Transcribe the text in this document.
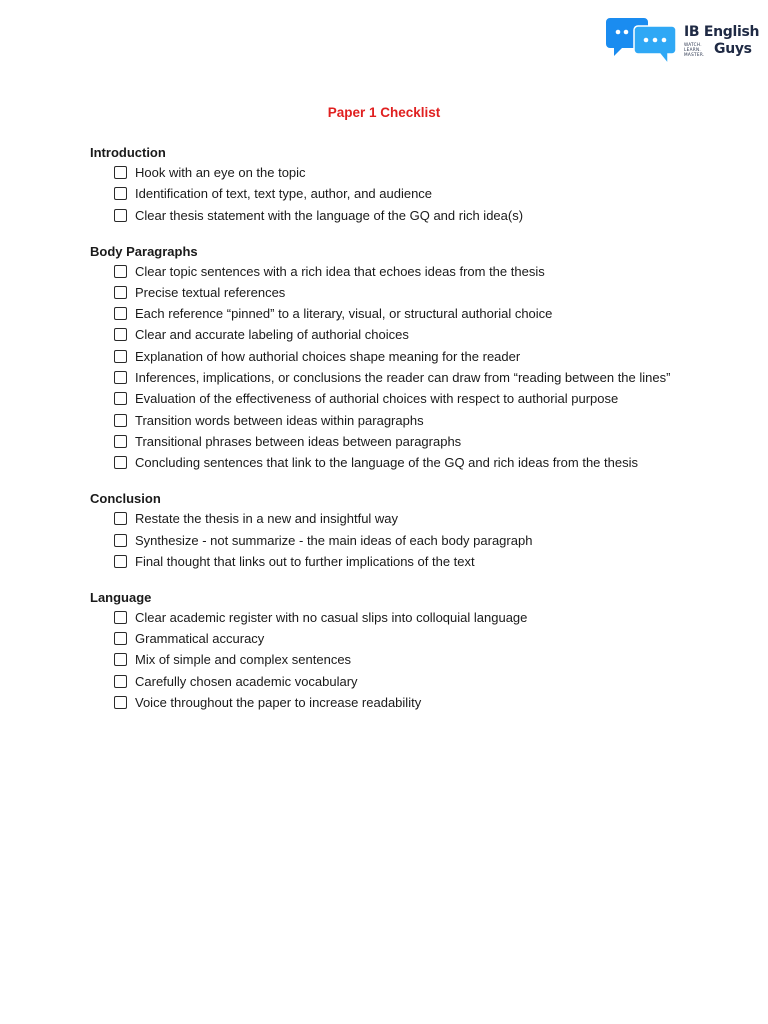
IB English
WATCH. LEARN. MASTER. Guys
Paper 1 Checklist
Introduction
Hook with an eye on the topic
Identification of text, text type, author, and audience
Clear thesis statement with the language of the GQ and rich idea(s)
Body Paragraphs
Clear topic sentences with a rich idea that echoes ideas from the thesis
Precise textual references
Each reference “pinned” to a literary, visual, or structural authorial choice
Clear and accurate labeling of authorial choices
Explanation of how authorial choices shape meaning for the reader
Inferences, implications, or conclusions the reader can draw from “reading between the lines”
Evaluation of the effectiveness of authorial choices with respect to authorial purpose
Transition words between ideas within paragraphs
Transitional phrases between ideas between paragraphs
Concluding sentences that link to the language of the GQ and rich ideas from the thesis
Conclusion
Restate the thesis in a new and insightful way
Synthesize - not summarize - the main ideas of each body paragraph
Final thought that links out to further implications of the text
Language
Clear academic register with no casual slips into colloquial language
Grammatical accuracy
Mix of simple and complex sentences
Carefully chosen academic vocabulary
Voice throughout the paper to increase readability
